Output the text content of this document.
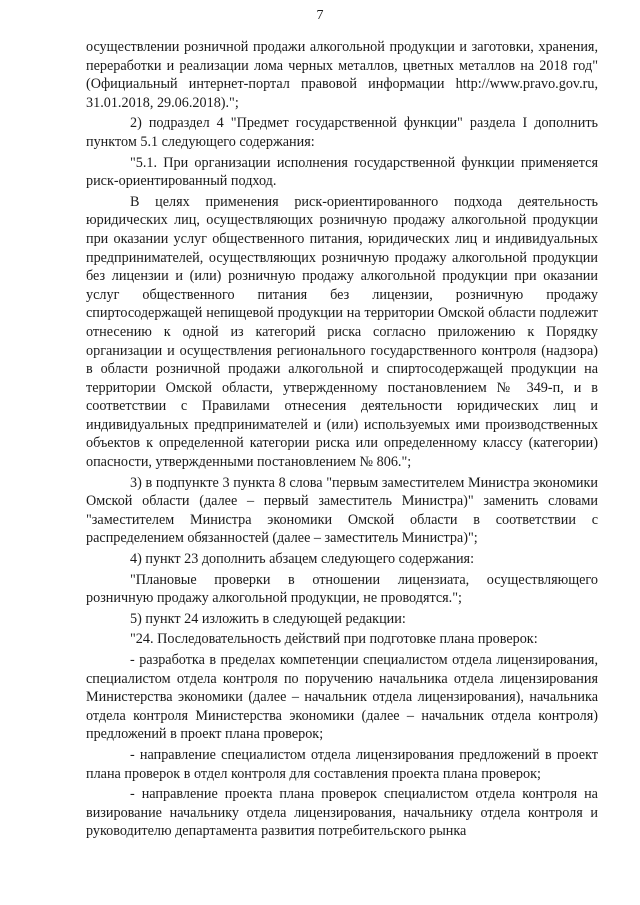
7

осуществлении розничной продажи алкогольной продукции и заготовки, хранения, переработки и реализации лома черных металлов, цветных металлов на 2018 год" (Официальный интернет-портал правовой информации http://www.pravo.gov.ru, 31.01.2018, 29.06.2018).";

2) подраздел 4 "Предмет государственной функции" раздела I дополнить пунктом 5.1 следующего содержания:

"5.1. При организации исполнения государственной функции применяется риск-ориентированный подход.

В целях применения риск-ориентированного подхода деятельность юридических лиц, осуществляющих розничную продажу алкогольной продукции при оказании услуг общественного питания, юридических лиц и индивидуальных предпринимателей, осуществляющих розничную продажу алкогольной продукции без лицензии и (или) розничную продажу алкогольной продукции при оказании услуг общественного питания без лицензии, розничную продажу спиртосодержащей непищевой продукции на территории Омской области подлежит отнесению к одной из категорий риска согласно приложению к Порядку организации и осуществления регионального государственного контроля (надзора) в области розничной продажи алкогольной и спиртосодержащей продукции на территории Омской области, утвержденному постановлением № 349-п, и в соответствии с Правилами отнесения деятельности юридических лиц и индивидуальных предпринимателей и (или) используемых ими производственных объектов к определенной категории риска или определенному классу (категории) опасности, утвержденными постановлением № 806.";

3) в подпункте 3 пункта 8 слова "первым заместителем Министра экономики Омской области (далее – первый заместитель Министра)" заменить словами "заместителем Министра экономики Омской области в соответствии с распределением обязанностей (далее – заместитель Министра)";

4) пункт 23 дополнить абзацем следующего содержания:

"Плановые проверки в отношении лицензиата, осуществляющего розничную продажу алкогольной продукции, не проводятся.";

5) пункт 24 изложить в следующей редакции:

"24. Последовательность действий при подготовке плана проверок:

- разработка в пределах компетенции специалистом отдела лицензирования, специалистом отдела контроля по поручению начальника отдела лицензирования Министерства экономики (далее – начальник отдела лицензирования), начальника отдела контроля Министерства экономики (далее – начальник отдела контроля) предложений в проект плана проверок;

- направление специалистом отдела лицензирования предложений в проект плана проверок в отдел контроля для составления проекта плана проверок;

- направление проекта плана проверок специалистом отдела контроля на визирование начальнику отдела лицензирования, начальнику отдела контроля и руководителю департамента развития потребительского рынка
